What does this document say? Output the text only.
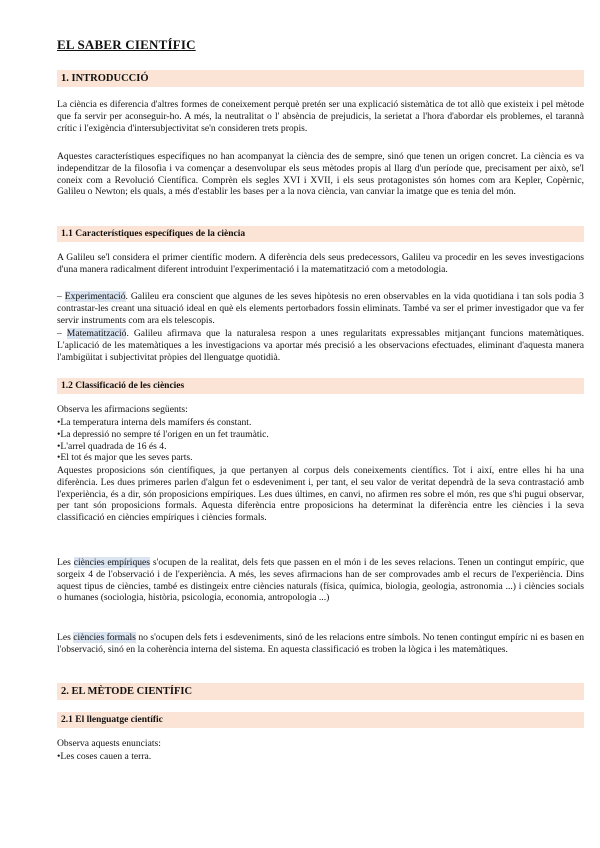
EL SABER CIENTÍFIC
1. INTRODUCCIÓ

La ciència es diferencia d'altres formes de coneixement perquè pretén ser una explicació sistemàtica de tot allò que existeix i pel mètode que fa servir per aconseguir-ho. A més, la neutralitat o l' absència de prejudicis, la serietat a l'hora d'abordar els problemes, el tarannà crític i l'exigència d'intersubjectivitat se'n consideren trets propis.

Aquestes característiques específiques no han acompanyat la ciència des de sempre, sinó que tenen un origen concret. La ciència es va independitzar de la filosofia i va començar a desenvolupar els seus mètodes propis al llarg d'un període que, precisament per això, se'l coneix com a Revolució Científica. Comprèn els segles XVI i XVII, i els seus protagonistes són homes com ara Kepler, Copèrnic, Galileu o Newton; els quals, a més d'establir les bases per a la nova ciència, van canviar la imatge que es tenia del món.

1.1 Característiques específiques de la ciència

A Galileu se'l considera el primer científic modern. A diferència dels seus predecessors, Galileu va procedir en les seves investigacions d'una manera radicalment diferent introduint l'experimentació i la matematització com a metodologia.

– Experimentació. Galileu era conscient que algunes de les seves hipòtesis no eren observables en la vida quotidiana i tan sols podia 3 contrastar-les creant una situació ideal en què els elements pertorbadors fossin eliminats. També va ser el primer investigador que va fer servir instruments com ara els telescopis.

– Matematització. Galileu afirmava que la naturalesa respon a unes regularitats expressables mitjançant funcions matemàtiques. L'aplicació de les matemàtiques a les investigacions va aportar més precisió a les observacions efectuades, eliminant d'aquesta manera l'ambigüitat i subjectivitat pròpies del llenguatge quotidià.

1.2 Classificació de les ciències

Observa les afirmacions següents:

• La temperatura interna dels mamífers és constant.
• La depressió no sempre té l'origen en un fet traumàtic.
• L'arrel quadrada de 16 és 4.
• El tot és major que les seves parts.

Aquestes proposicions són científiques, ja que pertanyen al corpus dels coneixements científics. Tot i així, entre elles hi ha una diferència. Les dues primeres parlen d'algun fet o esdeveniment i, per tant, el seu valor de veritat dependrà de la seva contrastació amb l'experiència, és a dir, són proposicions empíriques. Les dues últimes, en canvi, no afirmen res sobre el món, res que s'hi pugui observar, per tant són proposicions formals. Aquesta diferència entre proposicions ha determinat la diferència entre les ciències i la seva classificació en ciències empíriques i ciències formals.

Les ciències empíriques s'ocupen de la realitat, dels fets que passen en el món i de les seves relacions. Tenen un contingut empíric, que sorgeix 4 de l'observació i de l'experiència. A més, les seves afirmacions han de ser comprovades amb el recurs de l'experiència. Dins aquest tipus de ciències, també es distingeix entre ciències naturals (física, química, biologia, geologia, astronomia ...) i ciències socials o humanes (sociologia, història, psicologia, economia, antropologia ...)

Les ciències formals no s'ocupen dels fets i esdeveniments, sinó de les relacions entre símbols. No tenen contingut empíric ni es basen en l'observació, sinó en la coherència interna del sistema. En aquesta classificació es troben la lògica i les matemàtiques.

2. EL MÈTODE CIENTÍFIC
2.1 El llenguatge científic

Observa aquests enunciats:

• Les coses cauen a terra.
